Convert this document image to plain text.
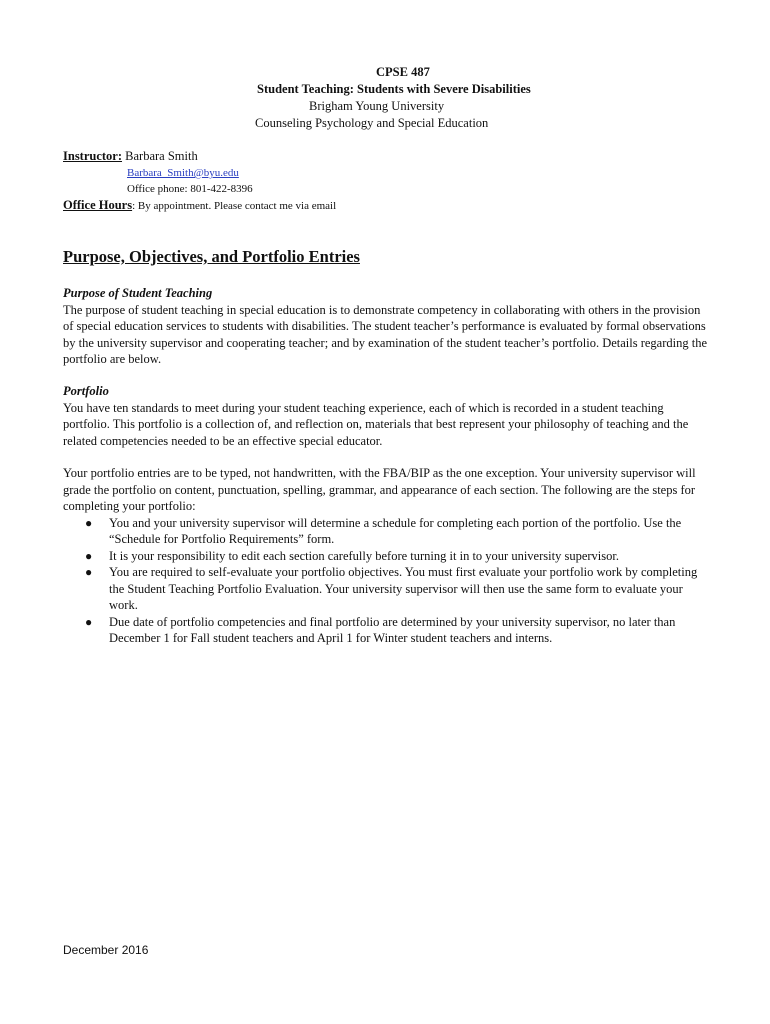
CPSE 487
Student Teaching: Students with Severe Disabilities
Brigham Young University
Counseling Psychology and Special Education
Instructor: Barbara Smith
Barbara_Smith@byu.edu
Office phone: 801-422-8396
Office Hours: By appointment. Please contact me via email
Purpose, Objectives, and Portfolio Entries

Purpose of Student Teaching

The purpose of student teaching in special education is to demonstrate competency in collaborating with others in the provision of special education services to students with disabilities. The student teacher’s performance is evaluated by formal observations by the university supervisor and cooperating teacher; and by examination of the student teacher’s portfolio. Details regarding the portfolio are below.

Portfolio

You have ten standards to meet during your student teaching experience, each of which is recorded in a student teaching portfolio. This portfolio is a collection of, and reflection on, materials that best represent your philosophy of teaching and the related competencies needed to be an effective special educator.

Your portfolio entries are to be typed, not handwritten, with the FBA/BIP as the one exception. Your university supervisor will grade the portfolio on content, punctuation, spelling, grammar, and appearance of each section. The following are the steps for completing your portfolio:

● You and your university supervisor will determine a schedule for completing each portion of the portfolio. Use the “Schedule for Portfolio Requirements” form.
● It is your responsibility to edit each section carefully before turning it in to your university supervisor.
● You are required to self-evaluate your portfolio objectives. You must first evaluate your portfolio work by completing the Student Teaching Portfolio Evaluation. Your university supervisor will then use the same form to evaluate your work.
● Due date of portfolio competencies and final portfolio are determined by your university supervisor, no later than December 1 for Fall student teachers and April 1 for Winter student teachers and interns.
December 2016
